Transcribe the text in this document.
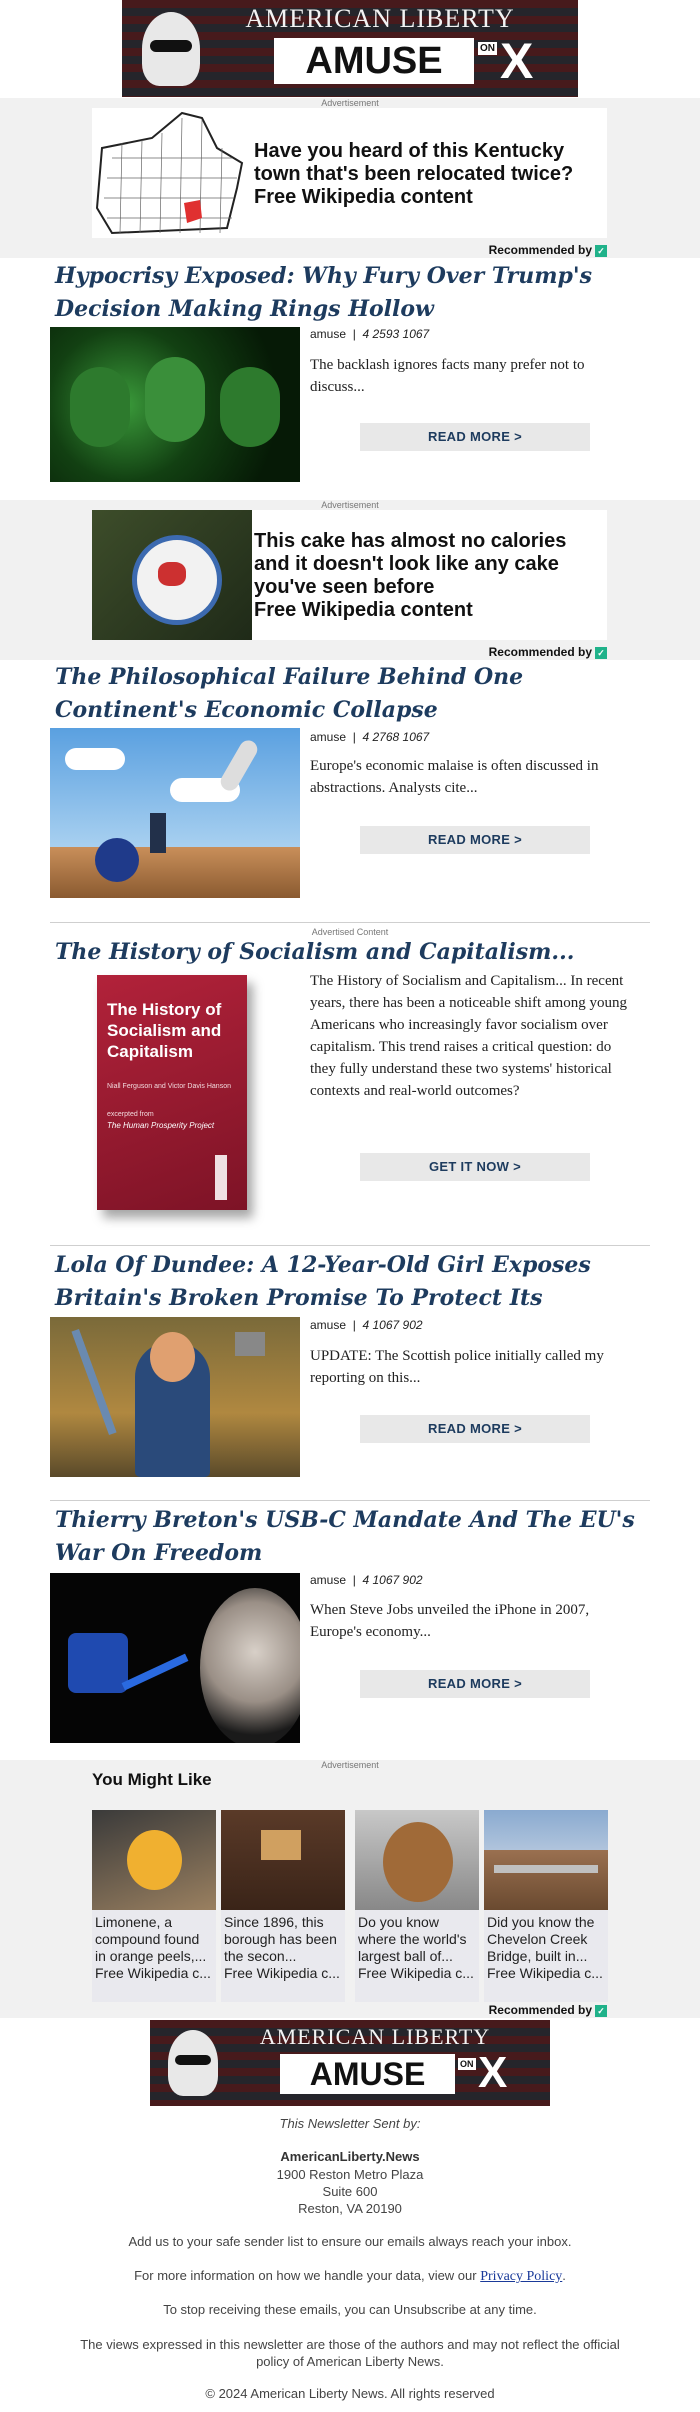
AMERICAN LIBERTY
AMUSE	ON X
Advertisement
Have you heard of this Kentucky town that's been relocated twice?
Free Wikipedia content
Recommended by ✓
Hypocrisy Exposed: Why Fury Over Trump's Decision Making Rings Hollow
amuse | 4 2593 1067
The backlash ignores facts many prefer not to discuss...
READ MORE >
Advertisement
This cake has almost no calories and it doesn't look like any cake you've seen before
Free Wikipedia content
Recommended by ✓
The Philosophical Failure Behind One Continent's Economic Collapse
amuse | 4 2768 1067
Europe's economic malaise is often discussed in abstractions. Analysts cite...
READ MORE >
Advertised Content
The History of Socialism and Capitalism...
The History of Socialism and Capitalism
Niall Ferguson and Victor Davis Hanson
excerpted from
The Human Prosperity Project
The History of Socialism and Capitalism... In recent years, there has been a noticeable shift among young Americans who increasingly favor socialism over capitalism. This trend raises a critical question: do they fully understand these two systems' historical contexts and real-world outcomes?
GET IT NOW >
Lola Of Dundee: A 12-Year-Old Girl Exposes Britain's Broken Promise To Protect Its
amuse | 4 1067 902
UPDATE: The Scottish police initially called my reporting on this...
READ MORE >
Thierry Breton's USB-C Mandate And The EU's War On Freedom
amuse | 4 1067 902
When Steve Jobs unveiled the iPhone in 2007, Europe's economy...
READ MORE >
Advertisement
You Might Like
Limonene, a compound found in orange peels,...
Free Wikipedia c...
Since 1896, this borough has been the secon...
Free Wikipedia c...
Do you know where the world's largest ball of...
Free Wikipedia c...
Did you know the Chevelon Creek Bridge, built in...
Free Wikipedia c...
Recommended by ✓
AMERICAN LIBERTY
AMUSE	ON X
This Newsletter Sent by:
AmericanLiberty.News
1900 Reston Metro Plaza
Suite 600
Reston, VA 20190
Add us to your safe sender list to ensure our emails always reach your inbox.
For more information on how we handle your data, view our Privacy Policy.
To stop receiving these emails, you can Unsubscribe at any time.
The views expressed in this newsletter are those of the authors and may not reflect the official policy of American Liberty News.
© 2024 American Liberty News. All rights reserved
